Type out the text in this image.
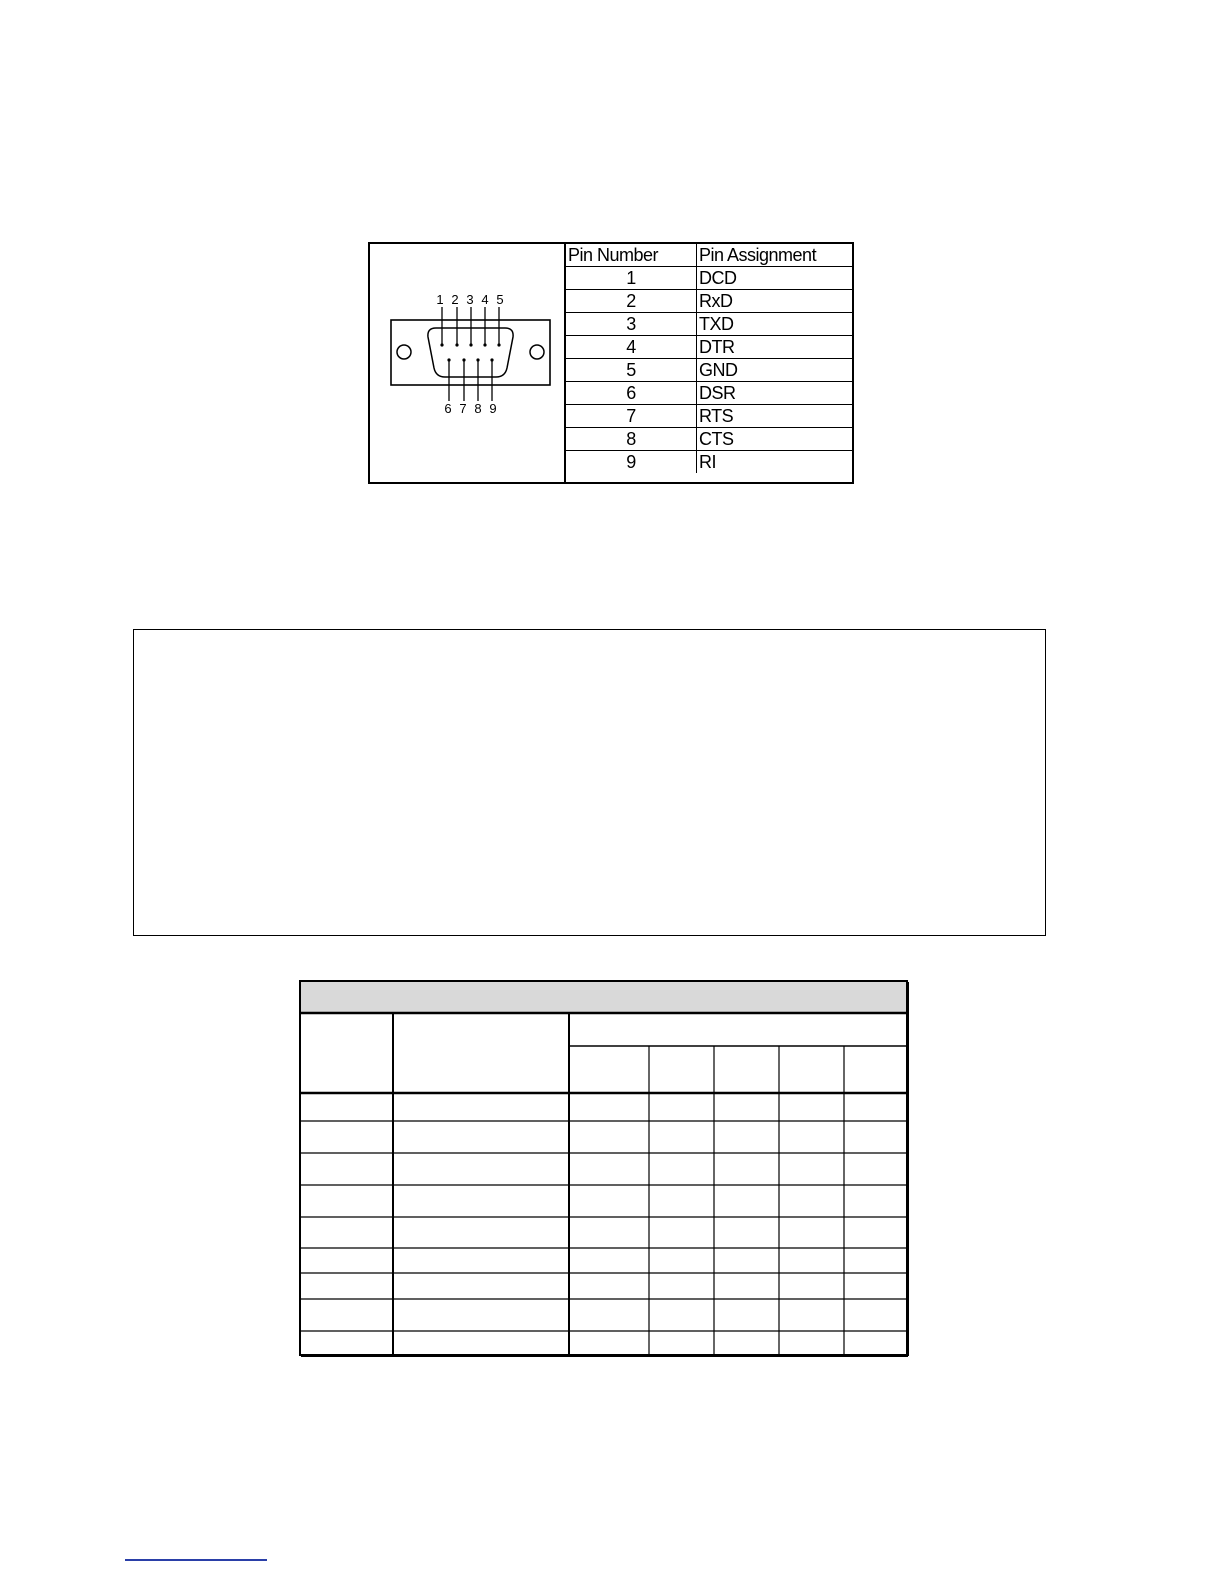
1 2 3 4 5
6 7 8 9
Pin Number	Pin Assignment
1	DCD
2	RxD
3	TXD
4	DTR
5	GND
6	DSR
7	RTS
8	CTS
9	RI
